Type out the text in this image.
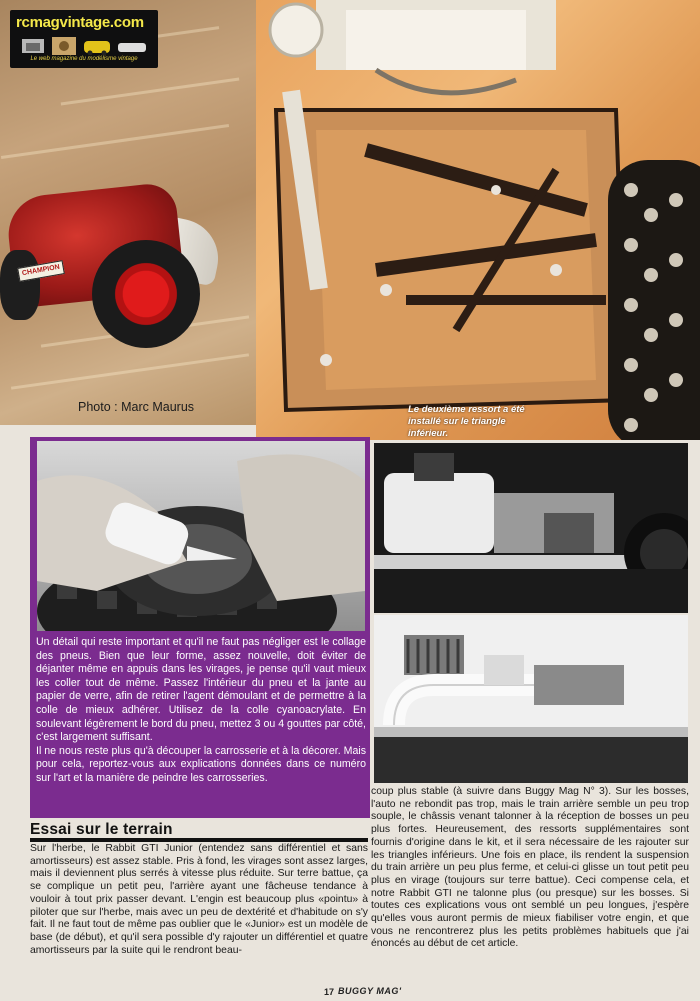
CHAMPION
Photo : Marc Maurus
rcmagvintage.com
Le web magazine du modélisme vintage
Le deuxième ressort a été installé sur le triangle inférieur.

Un détail qui reste important et qu'il ne faut pas négliger est le collage des pneus. Bien que leur forme, assez nouvelle, doit éviter de déjanter même en appuis dans les virages, je pense qu'il vaut mieux les coller tout de même. Passez l'intérieur du pneu et la jante au papier de verre, afin de retirer l'agent démoulant et de permettre à la colle de mieux adhérer. Utilisez de la colle cyanoacrylate. En soulevant légèrement le bord du pneu, mettez 3 ou 4 gouttes par côté, c'est largement suffisant.

Il ne nous reste plus qu'à découper la carrosserie et à la décorer. Mais pour cela, reportez-vous aux explications données dans ce numéro sur l'art et la manière de peindre les carrosseries.

Essai sur le terrain
Sur l'herbe, le Rabbit GTI Junior (entendez sans différentiel et sans amortisseurs) est assez stable. Pris à fond, les virages sont assez larges, mais il deviennent plus serrés à vitesse plus réduite. Sur terre battue, ça se complique un petit peu, l'arrière ayant une fâcheuse tendance à vouloir à tout prix passer devant. L'engin est beaucoup plus «pointu» à piloter que sur l'herbe, mais avec un peu de dextérité et d'habitude on s'y fait. Il ne faut tout de même pas oublier que le «Junior» est un modèle de base (de début), et qu'il sera possible d'y rajouter un différentiel et quatre amortisseurs par la suite qui le rendront beau-
coup plus stable (à suivre dans Buggy Mag N° 3). Sur les bosses, l'auto ne rebondit pas trop, mais le train arrière semble un peu trop souple, le châssis venant talonner à la réception de bosses un peu plus fortes. Heureusement, des ressorts supplémentaires sont fournis d'origine dans le kit, et il sera nécessaire de les rajouter sur les triangles inférieurs. Une fois en place, ils rendent la suspension du train arrière un peu plus ferme, et celui-ci glisse un tout petit peu plus en virage (toujours sur terre battue). Ceci compense cela, et notre Rabbit GTI ne talonne plus (ou presque) sur les bosses. Si toutes ces explications vous ont semblé un peu longues, j'espère qu'elles vous auront permis de mieux fiabiliser votre engin, et que vous ne rencontrerez plus les petits problèmes habituels que j'ai énoncés au début de cet article.
17 BUGGY MAG'
